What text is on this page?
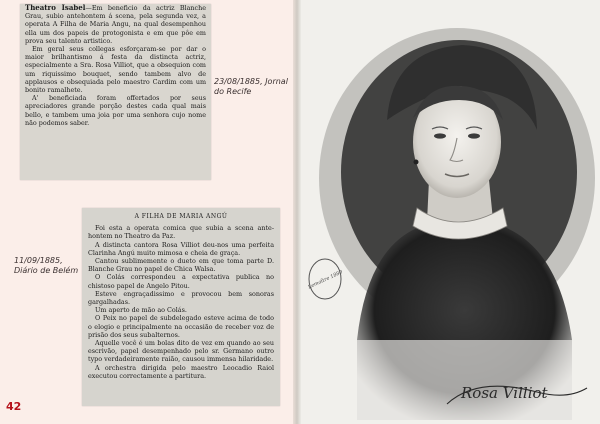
Rosa Villiot
Lemaître 1880

Theatro Isabel—Em beneficio da actriz Blanche Grau, subio antehontem á scena, pela segunda vez, a operata A Filha de Maria Angu, na qual desempenhou ella um dos papeis de protogonista e em que pôe em prova seu talento artistico.

Em geral seus collegas esforçaram-se por dar o maior brilhantismo á festa da distincta actriz, especialmente a Sra. Rosa Villiot, que a obsequion com um riquissimo bouquet, sendo tambem alvo de applausos e obsequiada pelo maestro Cardim com um bonito ramalhete.

A' beneficiada foram offertados por seus apreciadores grande porção destes cada qual mais bello, e tambem uma joia por uma senhora cujo nome não podemos saber.

23/08/1885, Jornal do Recife

A FILHA DE MARIA ANGÚ

Foi esta a operata comica que subia a scena ante-hontem no Theatro da Paz.

A distincta cantora Rosa Villiot deu-nos uma perfeita Clarinha Angú muito mimosa e cheia de graça.

Cantou sublimemente o dueto em que toma parte D. Blanche Grau no papel de Chica Walsa.

O Colás correspondeu a expectativa publica no chistoso papel de Angelo Pitou.

Esteve engraçadissimo e provocou bem sonoras gargalhadas.

Um aperto de mão ao Colás.

O Peix no papel de subdelegado esteve acima de todo o elogio e principalmente na occasião de receber voz de prisão dos seus subalternos.

Aquelle você é um bolas dito de vez em quando ao seu escrivão, papel desempenhado pelo sr. Germano outro typo verdadeiramente raião, causou immensa hilaridade.

A orchestra dirigida pelo maestro Leocadio Raiol executou correctamente a partitura.

11/09/1885, Diário de Belém
42
